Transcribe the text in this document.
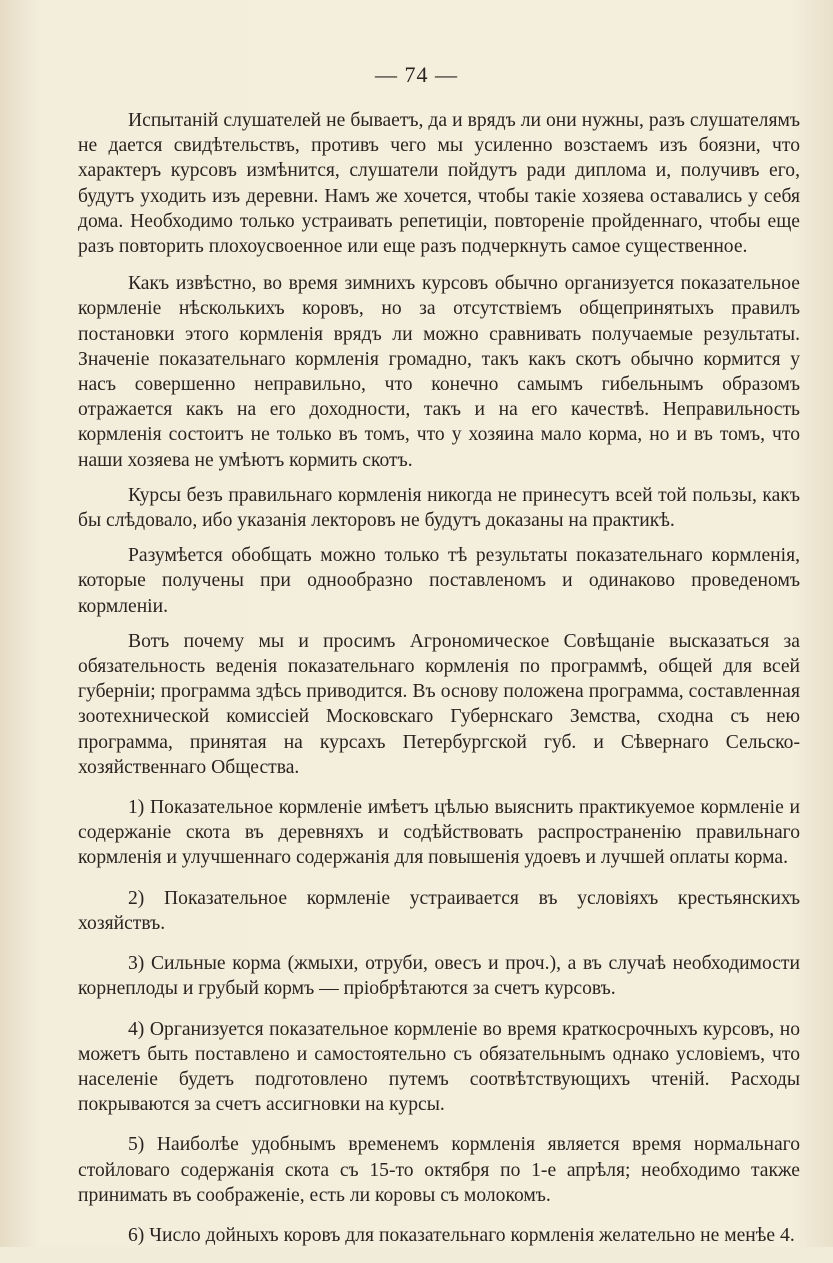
— 74 —

Испытаній слушателей не бываетъ, да и врядъ ли они нужны, разъ слушателямъ не дается свидѣтельствъ, противъ чего мы усиленно возстаемъ изъ боязни, что характеръ курсовъ измѣнится, слушатели пойдутъ ради диплома и, получивъ его, будутъ уходить изъ деревни. Намъ же хочется, чтобы такіе хозяева оставались у себя дома. Необходимо только устраивать репетиціи, повтореніе пройденнаго, чтобы еще разъ повторить плохоусвоенное или еще разъ подчеркнуть самое существенное.

Какъ извѣстно, во время зимнихъ курсовъ обычно организуется показательное кормленіе нѣсколькихъ коровъ, но за отсутствіемъ общепринятыхъ правилъ постановки этого кормленія врядъ ли можно сравнивать получаемые результаты. Значеніе показательнаго кормленія громадно, такъ какъ скотъ обычно кормится у насъ совершенно неправильно, что конечно самымъ гибельнымъ образомъ отражается какъ на его доходности, такъ и на его качествѣ. Неправильность кормленія состоитъ не только въ томъ, что у хозяина мало корма, но и въ томъ, что наши хозяева не умѣютъ кормить скотъ.

Курсы безъ правильнаго кормленія никогда не принесутъ всей той пользы, какъ бы слѣдовало, ибо указанія лекторовъ не будутъ доказаны на практикѣ.

Разумѣется обобщать можно только тѣ результаты показательнаго кормленія, которые получены при однообразно поставленомъ и одинаково проведеномъ кормленіи.

Вотъ почему мы и просимъ Агрономическое Совѣщаніе высказаться за обязательность веденія показательнаго кормленія по программѣ, общей для всей губерніи; программа здѣсь приводится. Въ основу положена программа, составленная зоотехнической комиссіей Московскаго Губернскаго Земства, сходна съ нею программа, принятая на курсахъ Петербургской губ. и Сѣвернаго Сельско-хозяйственнаго Общества.

1) Показательное кормленіе имѣетъ цѣлью выяснить практикуемое кормленіе и содержаніе скота въ деревняхъ и содѣйствовать распространенію правильнаго кормленія и улучшеннаго содержанія для повышенія удоевъ и лучшей оплаты корма.

2) Показательное кормленіе устраивается въ условіяхъ крестьянскихъ хозяйствъ.

3) Сильные корма (жмыхи, отруби, овесъ и проч.), а въ случаѣ необходимости корнеплоды и грубый кормъ — пріобрѣтаются за счетъ курсовъ.

4) Организуется показательное кормленіе во время краткосрочныхъ курсовъ, но можетъ быть поставлено и самостоятельно съ обязательнымъ однако условіемъ, что населеніе будетъ подготовлено путемъ соотвѣтствующихъ чтеній. Расходы покрываются за счетъ ассигновки на курсы.

5) Наиболѣе удобнымъ временемъ кормленія является время нормальнаго стойловаго содержанія скота съ 15-то октября по 1-е апрѣля; необходимо также принимать въ соображеніе, есть ли коровы съ молокомъ.

6) Число дойныхъ коровъ для показательнаго кормленія желательно не менѣе 4.
